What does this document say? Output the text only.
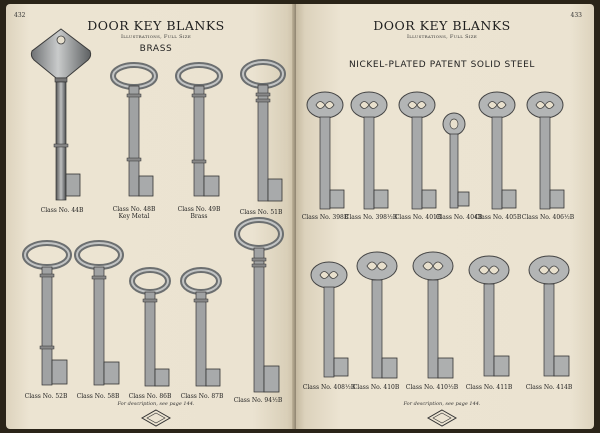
432
DOOR KEY BLANKS
Illustrations, Full Size
BRASS
Class No. 44B	Class No. 48B
Key Metal
Class No. 49B
Brass
Class No. 51B
Class No. 52B Class No. 58B Class No. 86B Class No. 87B
Class No. 94½B
For description, see page 144.
433
DOOR KEY BLANKS
Illustrations, Full Size
NICKEL-PLATED PATENT SOLID STEEL
Class No. 398B
Class No. 398½B
Class No. 401B
Class No. 404B
Class No. 405B Class No. 406½B
Class No. 408½B
Class No. 410B Class No. 410½B Class No. 411B Class No. 414B
For description, see page 144.
